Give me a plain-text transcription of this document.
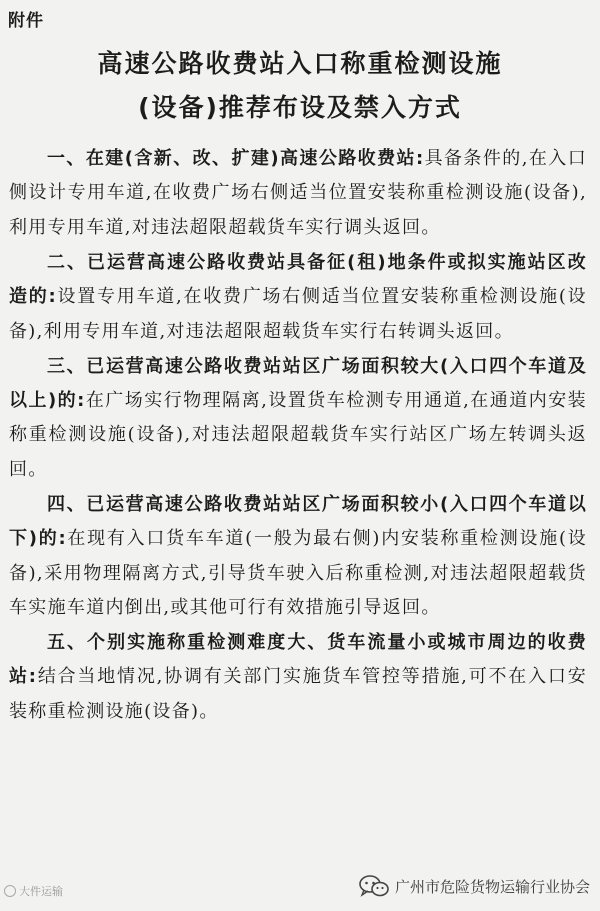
附件
高速公路收费站入口称重检测设施
(设备)推荐布设及禁入方式

一、在建(含新、改、扩建)高速公路收费站:具备条件的,在入口侧设计专用车道,在收费广场右侧适当位置安装称重检测设施(设备),利用专用车道,对违法超限超载货车实行调头返回。

二、已运营高速公路收费站具备征(租)地条件或拟实施站区改造的:设置专用车道,在收费广场右侧适当位置安装称重检测设施(设备),利用专用车道,对违法超限超载货车实行右转调头返回。

三、已运营高速公路收费站站区广场面积较大(入口四个车道及以上)的:在广场实行物理隔离,设置货车检测专用通道,在通道内安装称重检测设施(设备),对违法超限超载货车实行站区广场左转调头返回。

四、已运营高速公路收费站站区广场面积较小(入口四个车道以下)的:在现有入口货车车道(一般为最右侧)内安装称重检测设施(设备),采用物理隔离方式,引导货车驶入后称重检测,对违法超限超载货车实施车道内倒出,或其他可行有效措施引导返回。

五、个别实施称重检测难度大、货车流量小或城市周边的收费站:结合当地情况,协调有关部门实施货车管控等措施,可不在入口安装称重检测设施(设备)。

大件运输	广州市危险货物运输行业协会
